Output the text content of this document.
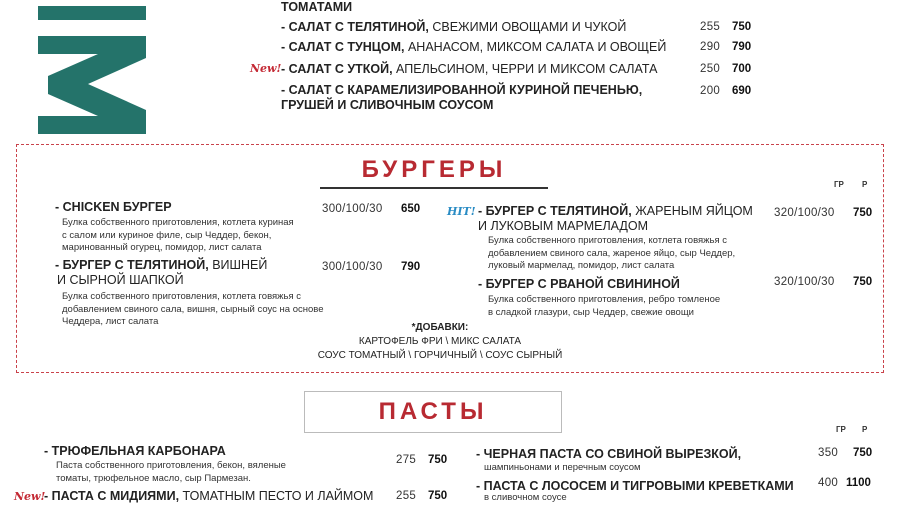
ТОМАТАМИ
- САЛАТ С ТЕЛЯТИНОЙ, СВЕЖИМИ ОВОЩАМИ И ЧУКОЙ	255 750
- САЛАТ С ТУНЦОМ, АНАНАСОМ, МИКСОМ САЛАТА И ОВОЩЕЙ	290 790
New! - САЛАТ С УТКОЙ, АПЕЛЬСИНОМ, ЧЕРРИ И МИКСОМ САЛАТА	250 700
- САЛАТ С КАРАМЕЛИЗИРОВАННОЙ КУРИНОЙ ПЕЧЕНЬЮ,
ГРУШЕЙ И СЛИВОЧНЫМ СОУСОМ
200 690
БУРГЕРЫ
ГР Р
- CHICKEN БУРГЕР
Булка собственного приготовления, котлета куриная
с салом или куриное филе, сыр Чеддер, бекон,
маринованный огурец, помидор, лист салата
300/100/30 650
- БУРГЕР С ТЕЛЯТИНОЙ, ВИШНЕЙ
И СЫРНОЙ ШАПКОЙ
Булка собственного приготовления, котлета говяжья с
добавлением свиного сала, вишня, сырный соус на основе
Чеддера, лист салата
300/100/30 790
HIT! - БУРГЕР С ТЕЛЯТИНОЙ, ЖАРЕНЫМ ЯЙЦОМ
И ЛУКОВЫМ МАРМЕЛАДОМ
Булка собственного приготовления, котлета говяжья с
добавлением свиного сала, жареное яйцо, сыр Чеддер,
луковый мармелад, помидор, лист салата
320/100/30 750
- БУРГЕР С РВАНОЙ СВИНИНОЙ
Булка собственного приготовления, ребро томленое
в сладкой глазури, сыр Чеддер, свежие овощи
320/100/30 750
*ДОБАВКИ:
КАРТОФЕЛЬ ФРИ \ МИКС САЛАТА
СОУС ТОМАТНЫЙ \ ГОРЧИЧНЫЙ \ СОУС СЫРНЫЙ
ПАСТЫ
ГР Р
- ТРЮФЕЛЬНАЯ КАРБОНАРА
Паста собственного приготовления, бекон, вяленые
томаты, трюфельное масло, сыр Пармезан.
275 750
New!
- ПАСТА С МИДИЯМИ, ТОМАТНЫМ ПЕСТО И ЛАЙМОМ 255 750
- ЧЕРНАЯ ПАСТА СО СВИНОЙ ВЫРЕЗКОЙ,
шампиньонами и перечным соусом
350 750
- ПАСТА С ЛОСОСЕМ И ТИГРОВЫМИ КРЕВЕТКАМИ
в сливочном соусе
400 1100
